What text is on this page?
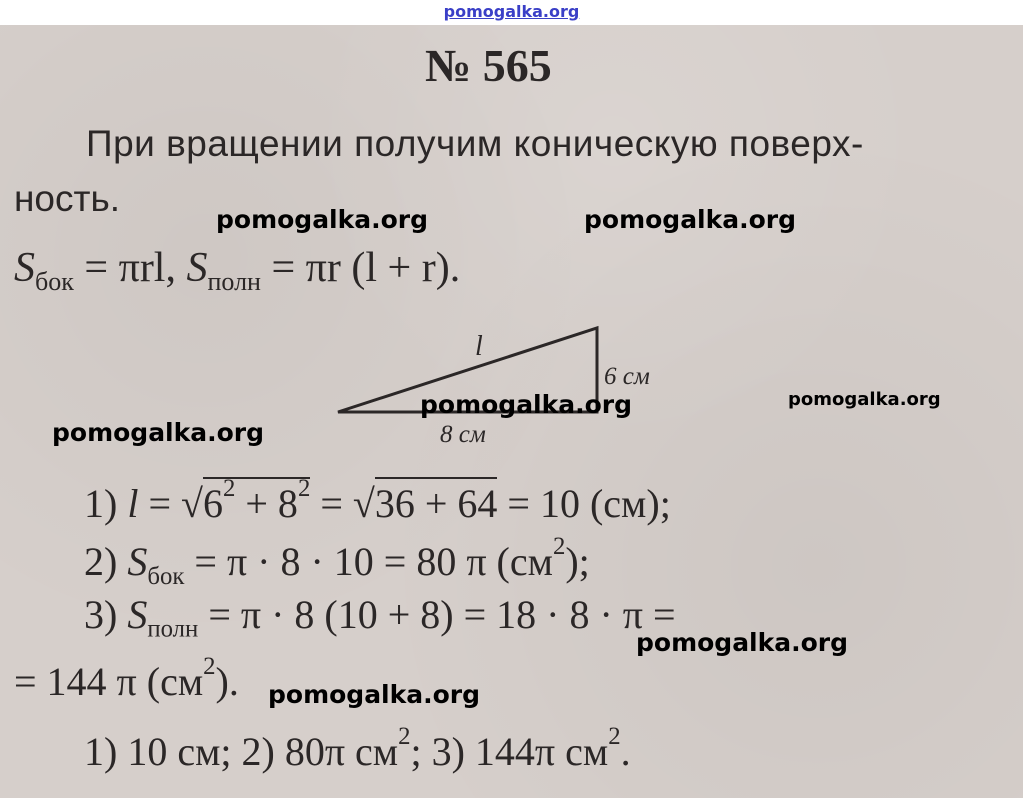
pomogalka.org
№ 565
При вращении получим коническую поверх-
ность.
$S_{бок} = \pi rl$, $S_{полн} = \pi r$ (l + r).
l
6 см
8 см
1) $l = √6^2 + 8^2 = √36 + 64 = 10$ (см);
2) $S_{бок} = \pi \cdot 8 \cdot 10 = 80$ π $(см^2)$;
3) $S_{полн} = \pi \cdot 8$ (10 + 8) = 18 · 8 · π =
= 144 π $(см^2)$.
1) 10 см; 2) 80π $см^2$; 3) 144π $см^2$.
pomogalka.org	pomogalka.org
pomogalka.org	pomogalka.org
pomogalka.org
pomogalka.org
pomogalka.org
